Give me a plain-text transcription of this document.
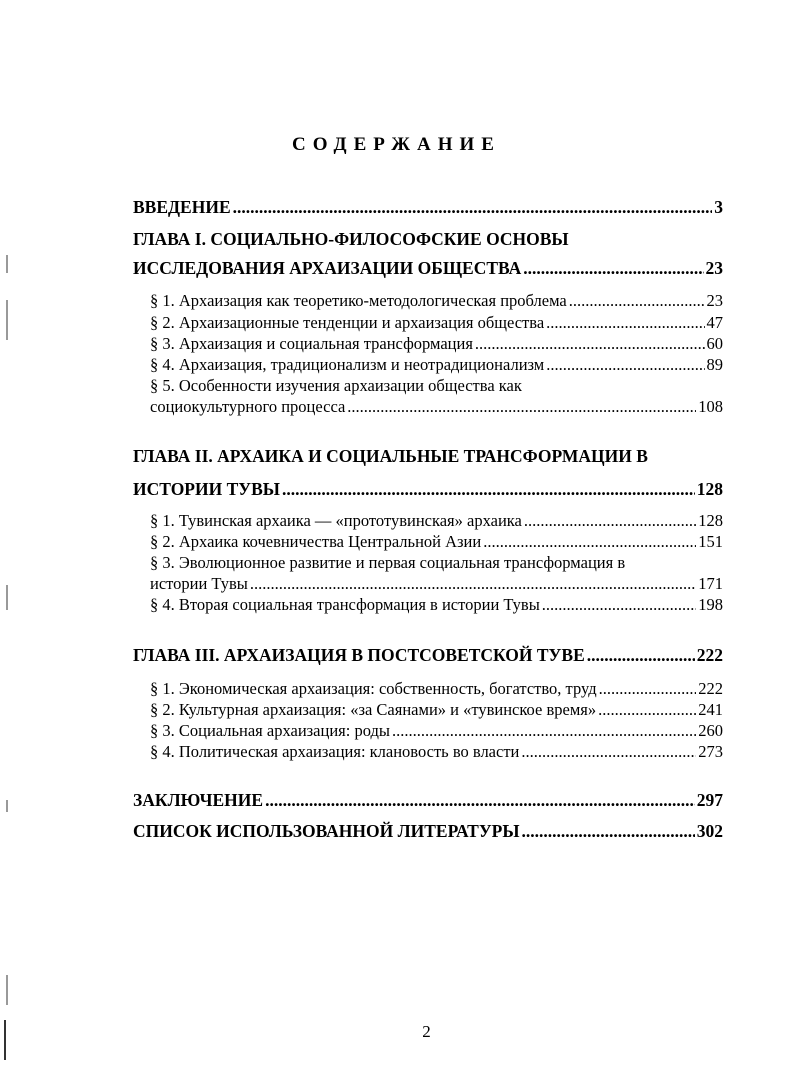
СОДЕРЖАНИЕ
ВВЕДЕНИЕ .....	3
ГЛАВА I. СОЦИАЛЬНО-ФИЛОСОФСКИЕ ОСНОВЫ
ИССЛЕДОВАНИЯ АРХАИЗАЦИИ ОБЩЕСТВА .....	23
§ 1. Архаизация как теоретико-методологическая проблема .....	23
§ 2. Архаизационные тенденции и архаизация общества .....	47
§ 3. Архаизация и социальная трансформация .....	60
§ 4. Архаизация, традиционализм и неотрадиционализм .....	89
§ 5. Особенности изучения архаизации общества как
социокультурного процесса .....	108
ГЛАВА II. АРХАИКА И СОЦИАЛЬНЫЕ ТРАНСФОРМАЦИИ В
ИСТОРИИ ТУВЫ .....	128
§ 1. Тувинская архаика — «прототувинская» архаика .....	128
§ 2. Архаика кочевничества Центральной Азии .....	151
§ 3. Эволюционное развитие и первая социальная трансформация в
истории Тувы .....	171
§ 4. Вторая социальная трансформация в истории Тувы .....	198
ГЛАВА III. АРХАИЗАЦИЯ В ПОСТСОВЕТСКОЙ ТУВЕ .....	222
§ 1. Экономическая архаизация: собственность, богатство, труд .....	222
§ 2. Культурная архаизация: «за Саянами» и «тувинское время» .....	241
§ 3. Социальная архаизация: роды .....	260
§ 4. Политическая архаизация: клановость во власти .....	273
ЗАКЛЮЧЕНИЕ .....	297
СПИСОК ИСПОЛЬЗОВАННОЙ ЛИТЕРАТУРЫ .....	302
2
